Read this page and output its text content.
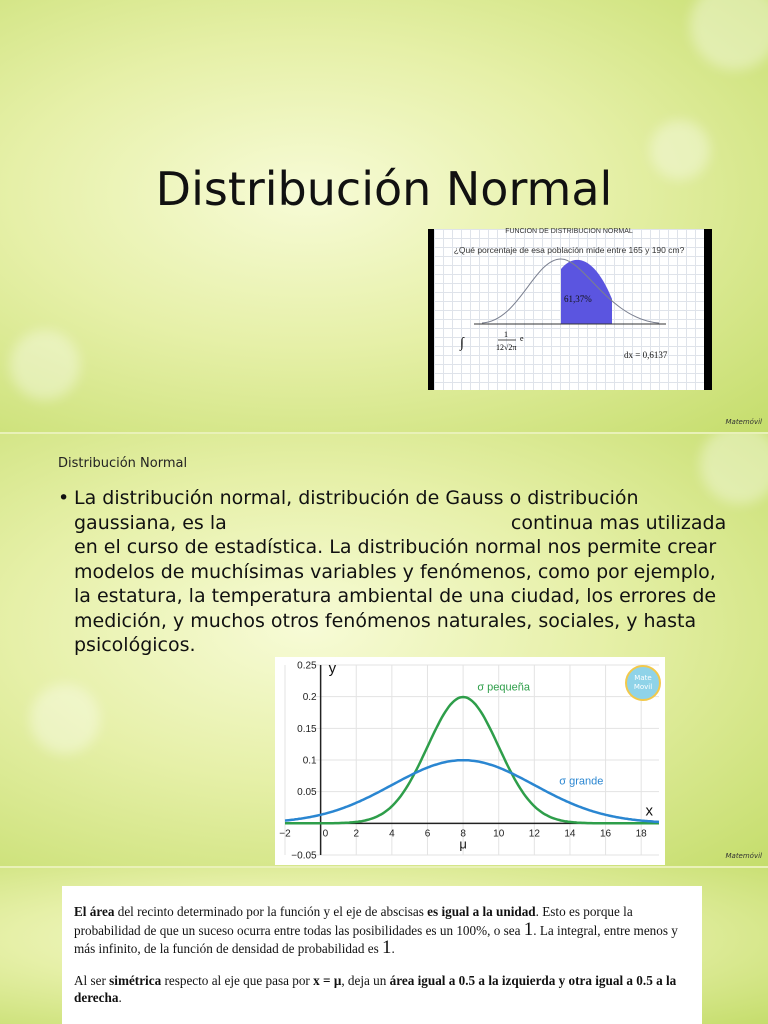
Distribución Normal
FUNCION DE DISTRIBUCION NORMAL
¿Qué porcentaje de esa población mide entre 165 y 190 cm?
1
12√2π
∫	e
61,37%
dx = 0,6137
Matemóvil
Distribución Normal
• La distribución normal, distribución de Gauss o distribución gaussiana, es la	continua mas utilizada en el curso de estadística. La distribución normal nos permite crear modelos de muchísimas variables y fenómenos, como por ejemplo, la estatura, la temperatura ambiental de una ciudad, los errores de medición, y muchos otros fenómenos naturales, sociales, y hasta psicológicos.
−2	0	2	4	6	8	10 12 14 16 18
−0.05
0.05
0.1
0.15
0.2
0.25 y
x
μ
σ pequeña
σ grande
Mate
Movil
Matemóvil

El área del recinto determinado por la función y el eje de abscisas es igual a la unidad. Esto es porque la probabilidad de que un suceso ocurra entre todas las posibilidades es un 100%, o sea 1. La integral, entre menos y más infinito, de la función de densidad de probabilidad es 1.

Al ser simétrica respecto al eje que pasa por x = μ, deja un área igual a 0.5 a la izquierda y otra igual a 0.5 a la derecha.
